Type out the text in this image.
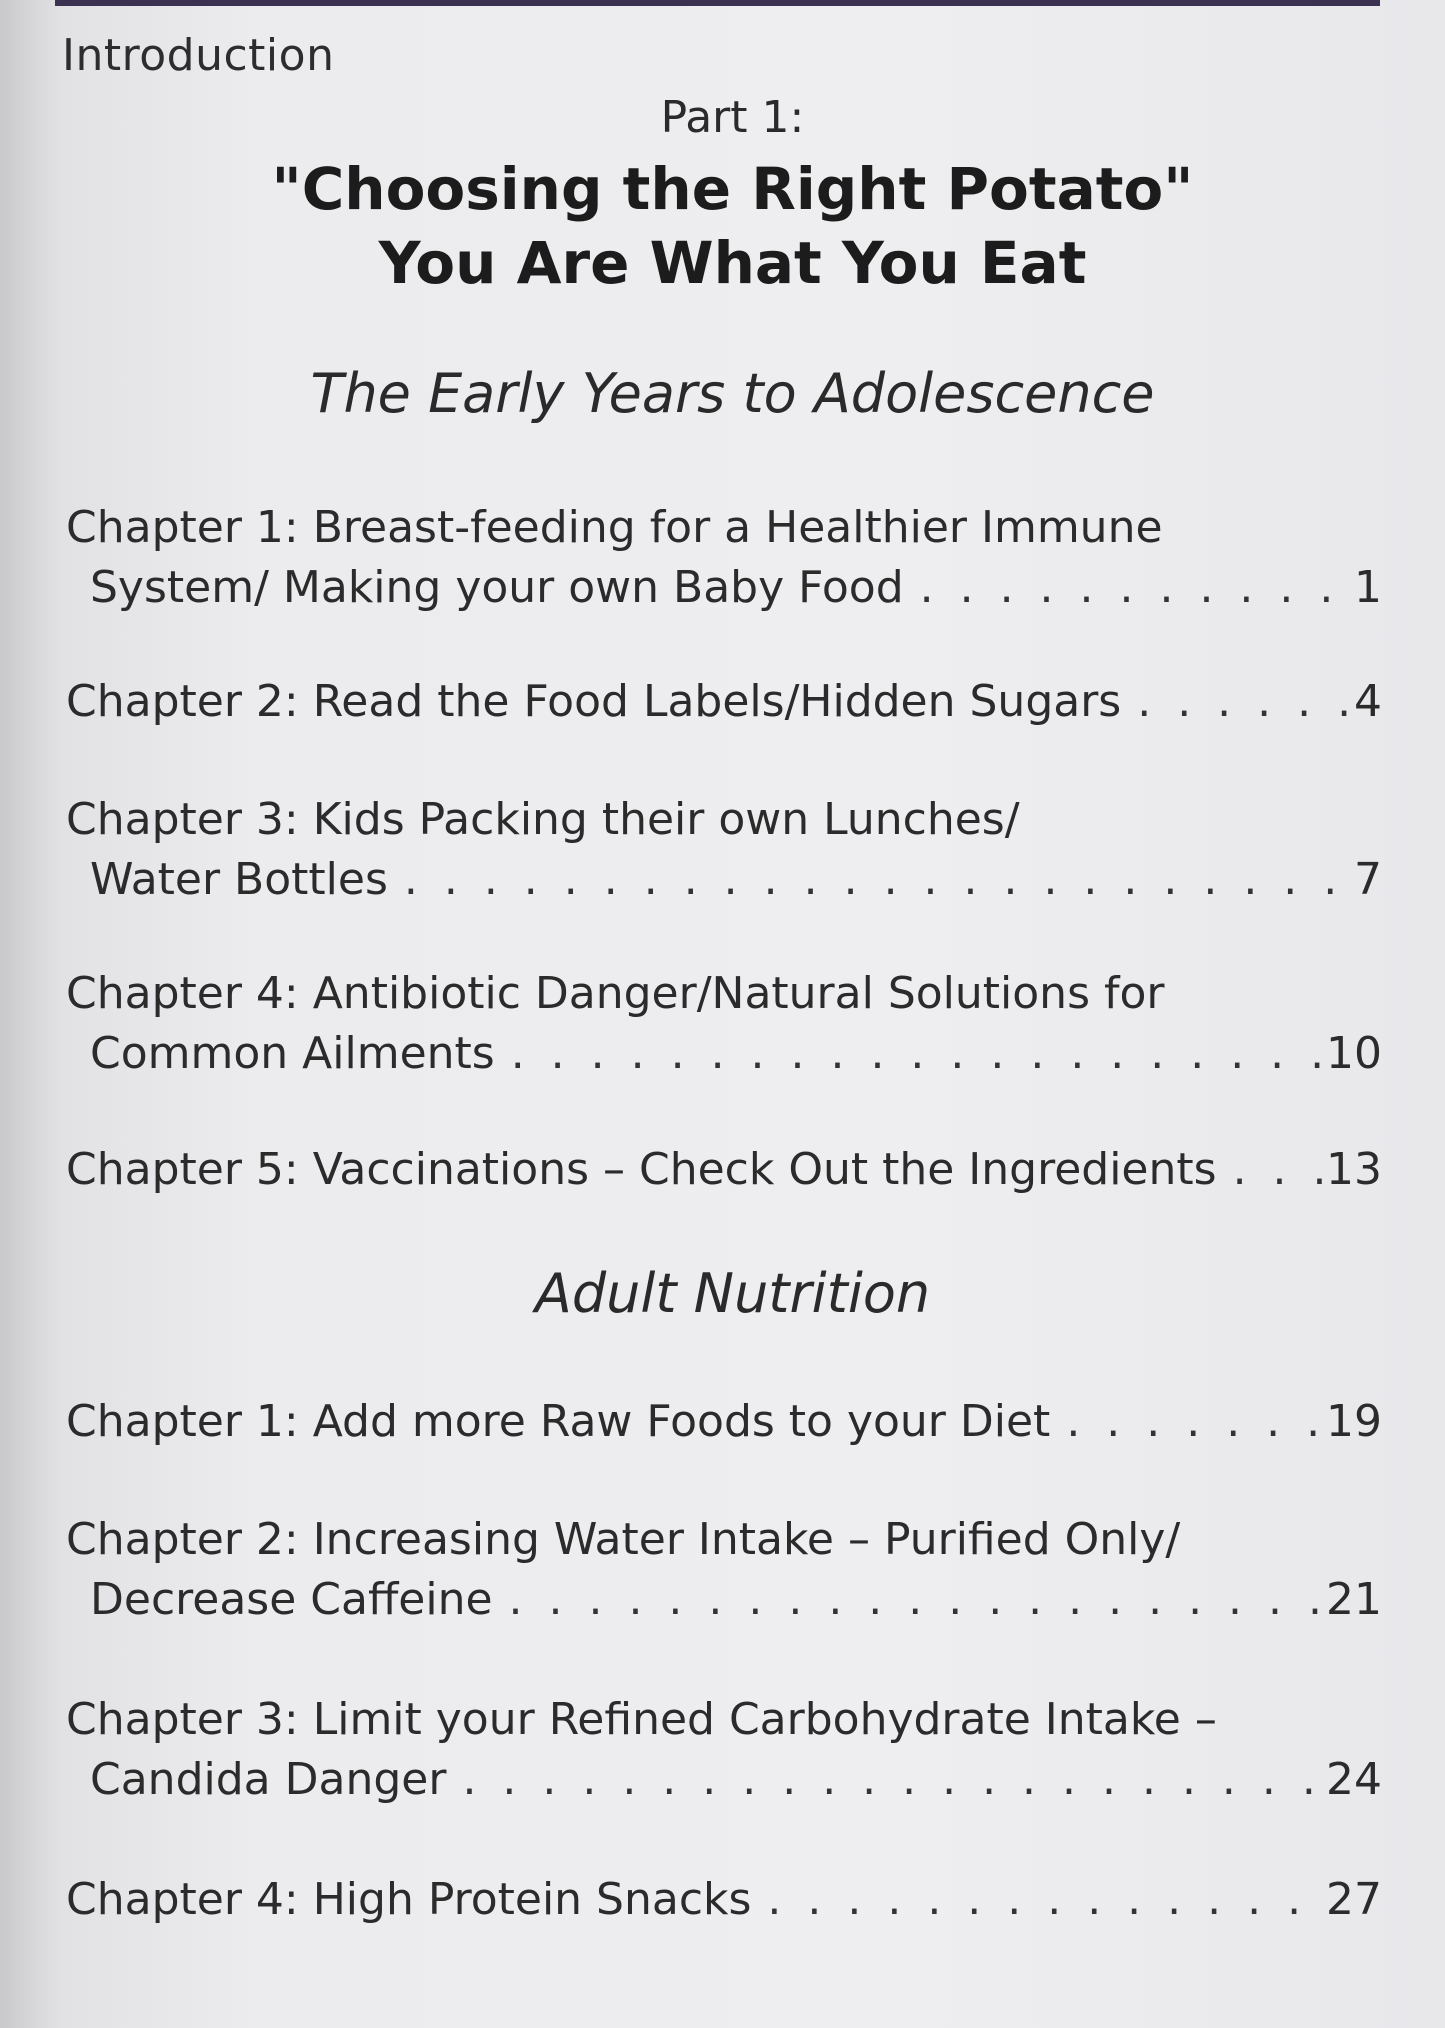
Introduction
Part 1:
"Choosing the Right Potato"
You Are What You Eat
The Early Years to Adolescence
Chapter 1: Breast-feeding for a Healthier Immune
System/ Making your own Baby Food . . .	1
Chapter 2: Read the Food Labels/Hidden Sugars . . .	4
Chapter 3: Kids Packing their own Lunches/
Water Bottles . . .	7
Chapter 4: Antibiotic Danger/Natural Solutions for
Common Ailments . . .	10
Chapter 5: Vaccinations – Check Out the Ingredients . . . 13
Adult Nutrition
Chapter 1: Add more Raw Foods to your Diet . . .	19
Chapter 2: Increasing Water Intake – Purified Only/
Decrease Caffeine . . .	21
Chapter 3: Limit your Refined Carbohydrate Intake –
Candida Danger . . .	24
Chapter 4: High Protein Snacks . . .	27
